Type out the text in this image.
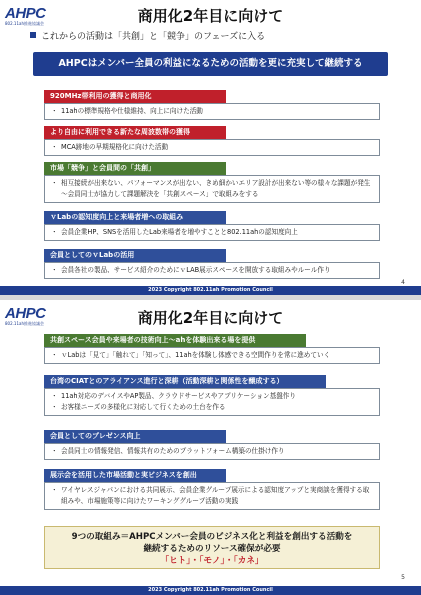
AHPC
802.11ah推進協議会	商用化2年目に向けて
これからの活動は「共創」と「競争」のフェーズに入る
AHPCはメンバー全員の利益になるための活動を更に充実して継続する
920MHz帯利用の獲得と商用化
・ 11ahの標準規格や仕様維持、向上に向けた活動
より自由に利用できる新たな周波数帯の獲得
・ MCA跡地の早期規格化に向けた活動
市場「競争」と会員間の「共創」
・ 相互接続が出来ない、パフォーマンスが出ない、きめ細かいエリア設計が出来ない等の様々な課題が発生～会員同士が協力して課題解決を「共創スペース」で取組みをする
ｖLabの認知度向上と来場者増への取組み
・ 会員企業HP、SNSを活用したLab来場者を増やすことと802.11ahの認知度向上
会員としてのｖLabの活用
・ 会員各社の製品、サービス紹介のためにｖLAB展示スペースを開放する取組みやルール作り
4
2023 Copyright 802.11ah Promotion Council
AHPC
802.11ah推進協議会	商用化2年目に向けて
共創スペース会員や来場者の技術向上～ahを体験出来る場を提供
・ ｖLabは「見て」「触れて」「知って」、11ahを体験し体感できる空間作りを常に進めていく
台湾のCIATとのアライアンス進行と深耕（活動深耕と関係性を醸成する）
・ 11ah対応のデバイスやAP製品、クラウドサービスやアプリケーション基盤作り
・ お客様ニーズの多様化に対応して行くための土台を作る
会員としてのプレゼンス向上
・ 会員同士の情報発信、情報共有のためのプラットフォーム構築の仕掛け作り
展示会を活用した市場活動と実ビジネスを創出
・ ワイヤレスジャパンにおける共同展示、会員企業グループ展示による認知度アップと実商談を獲得する取組みや、市場施策等に向けたワーキンググループ活動の実践
9つの取組み＝AHPCメンバー会員のビジネス化と利益を創出する活動を
継続するためのリソース確保が必要
「ヒト」・「モノ」・「カネ」
5
2023 Copyright 802.11ah Promotion Council
